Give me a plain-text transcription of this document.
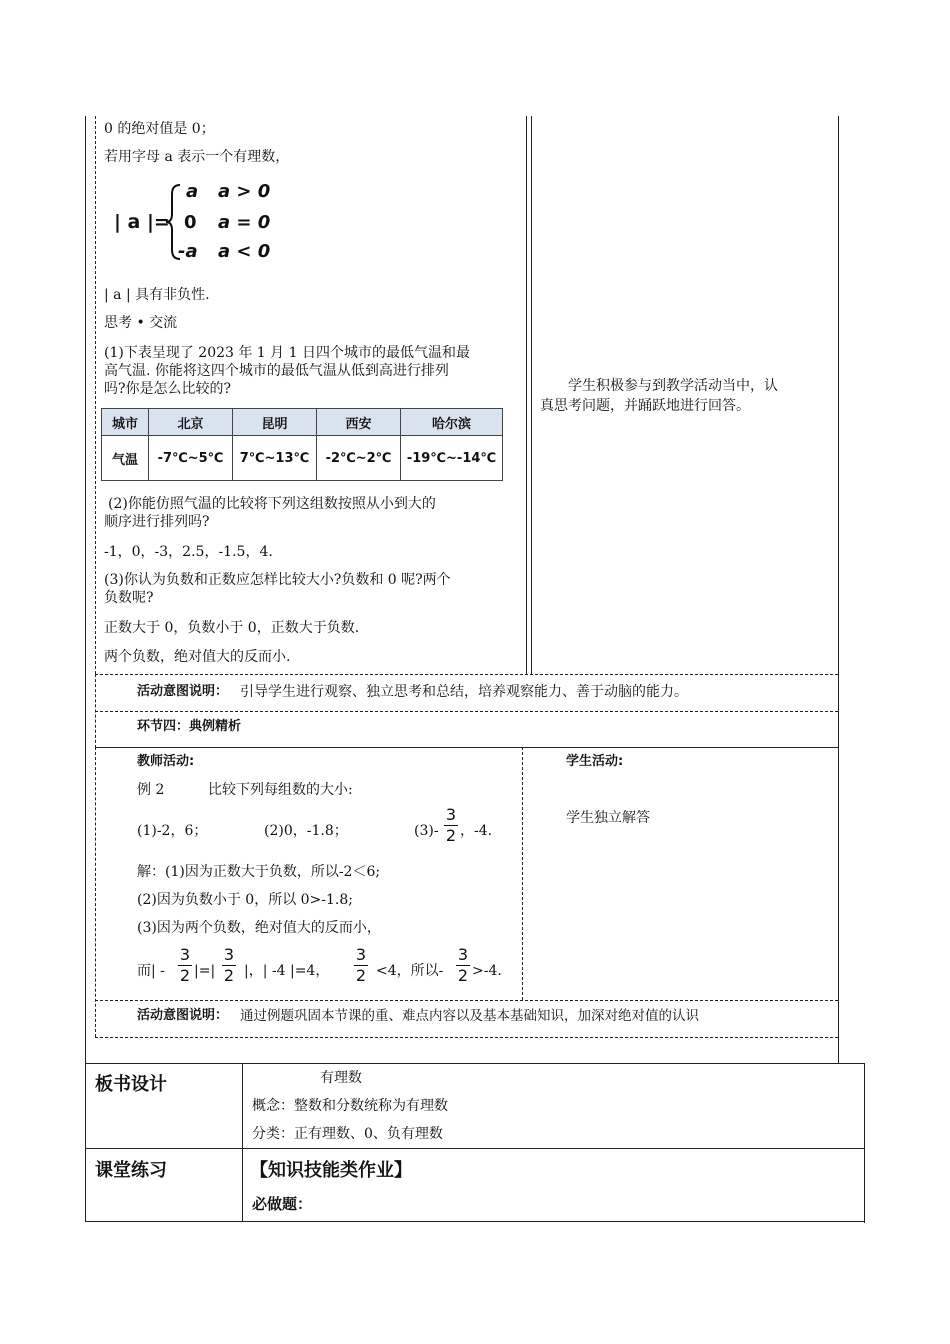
0 的绝对值是 0；
若用字母 a 表示一个有理数，
| a |=
a a > 0
0 a = 0
-a a < 0
| a | 具有非负性.
思考 • 交流
(1)下表呈现了 2023 年 1 月 1 日四个城市的最低气温和最
高气温. 你能将这四个城市的最低气温从低到高进行排列
吗?你是怎么比较的?
城市	北京	昆明	西安	哈尔滨
气温	-7℃~5℃	7℃~13℃	-2℃~2℃	-19℃~-14℃
(2)你能仿照气温的比较将下列这组数按照从小到大的
顺序进行排列吗?
-1，0，-3，2.5，-1.5，4.
(3)你认为负数和正数应怎样比较大小?负数和 0 呢?两个
负数呢?
正数大于 0，负数小于 0，正数大于负数.
两个负数，绝对值大的反而小.
学生积极参与到教学活动当中，认
真思考问题，并踊跃地进行回答。
活动意图说明： 引导学生进行观察、独立思考和总结，培养观察能力、善于动脑的能力。
环节四：典例精析
教师活动:
例 2	比较下列每组数的大小:
(1)-2，6；	(2)0，-1.8；	(3)-
3
2 ，-4.
解：(1)因为正数大于负数，所以-2＜6;
(2)因为负数小于 0，所以 0>-1.8;
(3)因为两个负数，绝对值大的反而小，
而| -
3
2 |=|
3
2 |，| -4 |=4，
3
2 <4，所以-
3
2 >-4.
学生活动:
学生独立解答
活动意图说明： 通过例题巩固本节课的重、难点内容以及基本基础知识，加深对绝对值的认识
板书设计	有理数
概念：整数和分数统称为有理数
分类：正有理数、0、负有理数
课堂练习	【知识技能类作业】
必做题：
